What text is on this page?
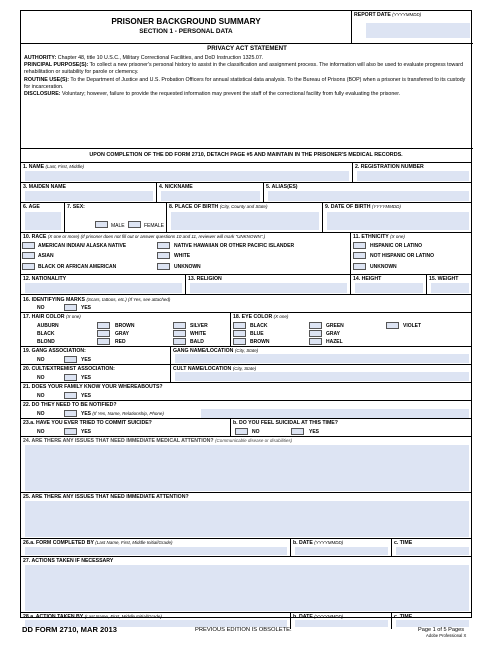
PRISONER BACKGROUND SUMMARY
SECTION 1 - PERSONAL DATA
REPORT DATE (YYYYMMDD)
PRIVACY ACT STATEMENT

AUTHORITY: Chapter 48, title 10 U.S.C., Military Correctional Facilities, and DoD Instruction 1325.07.

PRINCIPAL PURPOSE(S): To collect a new prisoner's personal history to assist in the classification and assignment process. The information will also be used to evaluate progress toward rehabilitation or suitability for parole or clemency.

ROUTINE USE(S): To the Department of Justice and U.S. Probation Officers for annual statistical data analysis. To the Bureau of Prisons (BOP) when a prisoner is transferred to its custody for incarceration.

DISCLOSURE: Voluntary; however, failure to provide the requested information may prevent the staff of the correctional facility from fully evaluating the prisoner.

UPON COMPLETION OF THE DD FORM 2710, DETACH PAGE #5 AND MAINTAIN IN THE PRISONER'S MEDICAL RECORDS.
1. NAME (Last, First, Middle)	2. REGISTRATION NUMBER
3. MAIDEN NAME	4. NICKNAME	5. ALIAS(ES)
6. AGE	7. SEX:
MALE	FEMALE
8. PLACE OF BIRTH (City, County and State)	9. DATE OF BIRTH (YYYYMMDD)
10. RACE (X one or more) (If prisoner does not fill out or answer questions 10 and 11, reviewer will mark "UNKNOWN".)
AMERICAN INDIAN/ ALASKA NATIVE
ASIAN
BLACK OR AFRICAN AMERICAN
NATIVE HAWAIIAN OR OTHER PACIFIC ISLANDER
WHITE
UNKNOWN
11. ETHNICITY (X one)
HISPANIC OR LATINO
NOT HISPANIC OR LATINO
UNKNOWN
12. NATIONALITY	13. RELIGION	14. HEIGHT	15. WEIGHT
16. IDENTIFYING MARKS (Scars, tattoos, etc.) (If Yes, see attached)
NO	YES
17. HAIR COLOR (X one)
AUBURN
BLACK
BLOND
BROWN
GRAY
RED
SILVER
WHITE
BALD
18. EYE COLOR (X one)
BLACK
BLUE
BROWN
GREEN
GRAY
HAZEL
VIOLET
19. GANG ASSOCIATION:
NO	YES
GANG NAME/LOCATION (City, State)
20. CULT/EXTREMIST ASSOCIATION:
NO	YES
CULT NAME/LOCATION (City, State)
21. DOES YOUR FAMILY KNOW YOUR WHEREABOUTS?
NO	YES
22. DO THEY NEED TO BE NOTIFIED?
NO	YES (If Yes, Name, Relationship, Phone)
23.a. HAVE YOU EVER TRIED TO COMMIT SUICIDE?
NO	YES
b. DO YOU FEEL SUICIDAL AT THIS TIME?
NO	YES
24. ARE THERE ANY ISSUES THAT NEED IMMEDIATE MEDICAL ATTENTION? (Communicable disease or disabilities)
25. ARE THERE ANY ISSUES THAT NEED IMMEDIATE ATTENTION?
26.a. FORM COMPLETED BY (Last Name, First, Middle Initial/Grade)	b. DATE (YYYYMMDD)	c. TIME
27. ACTIONS TAKEN IF NECESSARY
28.a. ACTION TAKEN BY (Last Name, First, Middle Initial/Grade)	b. DATE (YYYYMMDD)	c. TIME
DD FORM 2710, MAR 2013	PREVIOUS EDITION IS OBSOLETE.	Page 1 of 5 Pages
Adobe Professional X
